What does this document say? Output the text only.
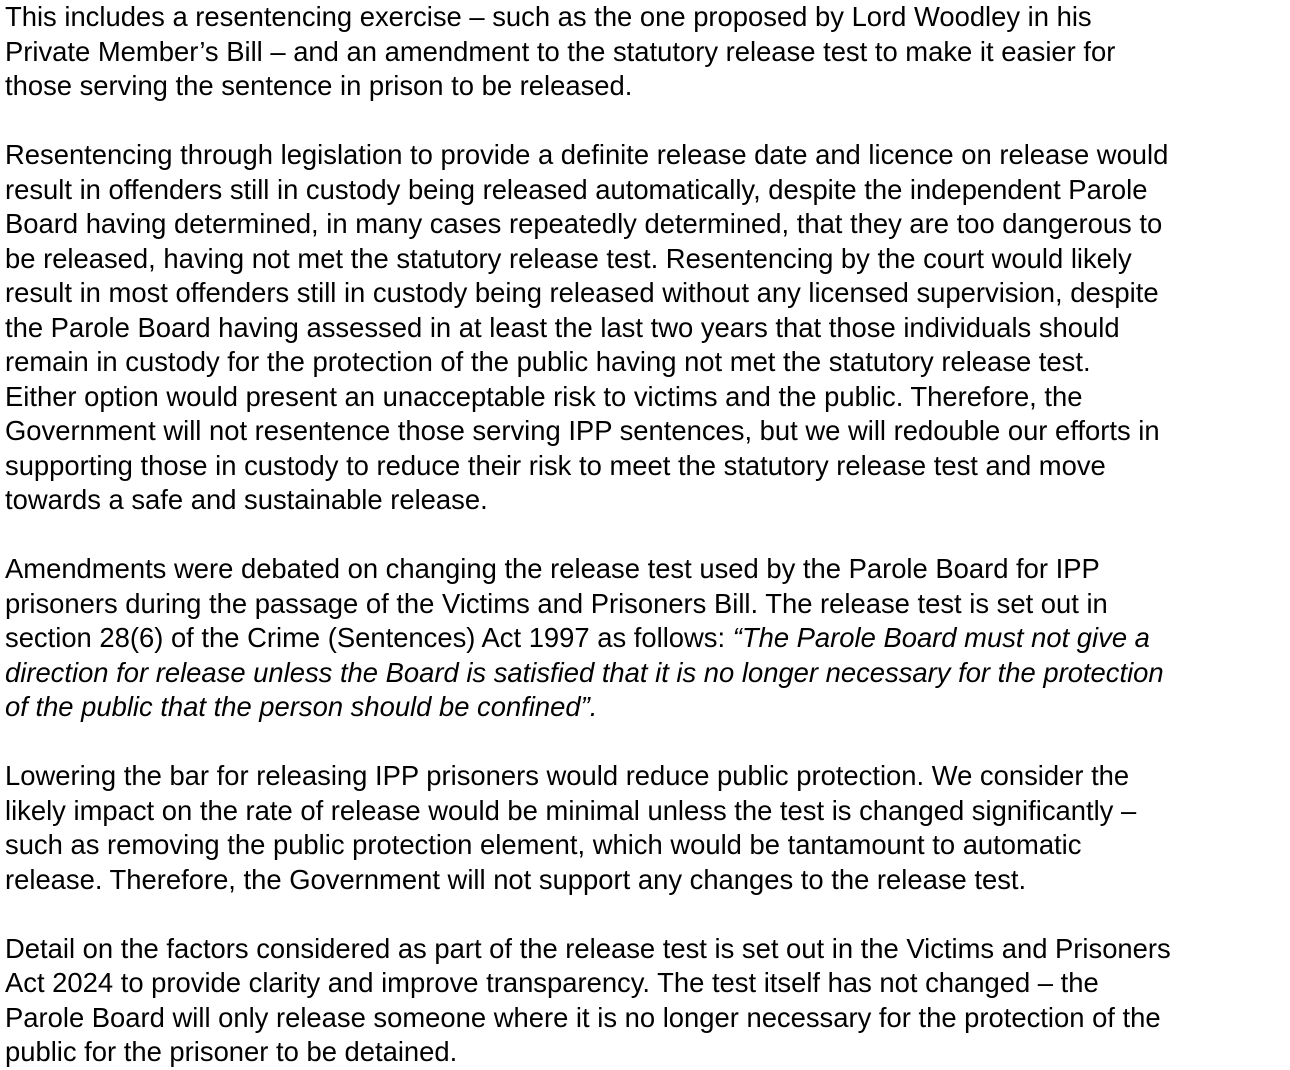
This includes a resentencing exercise – such as the one proposed by Lord Woodley in his
Private Member’s Bill – and an amendment to the statutory release test to make it easier for
those serving the sentence in prison to be released.

Resentencing through legislation to provide a definite release date and licence on release would
result in offenders still in custody being released automatically, despite the independent Parole
Board having determined, in many cases repeatedly determined, that they are too dangerous to
be released, having not met the statutory release test. Resentencing by the court would likely
result in most offenders still in custody being released without any licensed supervision, despite
the Parole Board having assessed in at least the last two years that those individuals should
remain in custody for the protection of the public having not met the statutory release test.
Either option would present an unacceptable risk to victims and the public. Therefore, the
Government will not resentence those serving IPP sentences, but we will redouble our efforts in
supporting those in custody to reduce their risk to meet the statutory release test and move
towards a safe and sustainable release.

Amendments were debated on changing the release test used by the Parole Board for IPP
prisoners during the passage of the Victims and Prisoners Bill. The release test is set out in
section 28(6) of the Crime (Sentences) Act 1997 as follows: “The Parole Board must not give a
direction for release unless the Board is satisfied that it is no longer necessary for the protection
of the public that the person should be confined”.

Lowering the bar for releasing IPP prisoners would reduce public protection. We consider the
likely impact on the rate of release would be minimal unless the test is changed significantly –
such as removing the public protection element, which would be tantamount to automatic
release. Therefore, the Government will not support any changes to the release test.

Detail on the factors considered as part of the release test is set out in the Victims and Prisoners
Act 2024 to provide clarity and improve transparency. The test itself has not changed – the
Parole Board will only release someone where it is no longer necessary for the protection of the
public for the prisoner to be detained.
